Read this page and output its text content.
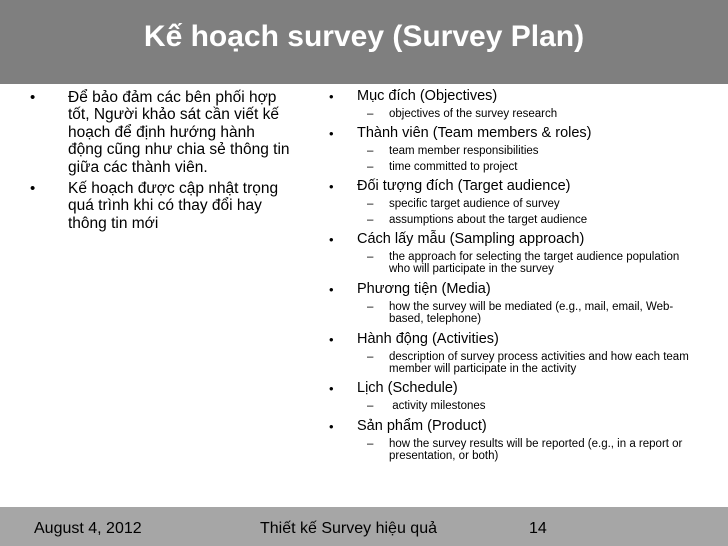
Kế hoạch survey (Survey Plan)
• Để bảo đảm các bên phối hợp tốt, Người khảo sát cần viết kế hoạch để định hướng hành động cũng như chia sẻ thông tin giữa các thành viên.
• Kế hoạch được cập nhật trọng quá trình khi có thay đổi hay thông tin mới
• Mục đích (Objectives)
– objectives of the survey research
• Thành viên (Team members & roles)
– team member responsibilities
– time committed to project
• Đối tượng đích (Target audience)
– specific target audience of survey
– assumptions about the target audience
• Cách lấy mẫu (Sampling approach)
– the approach for selecting the target audience population who will participate in the survey
• Phương tiện (Media)
– how the survey will be mediated (e.g., mail, email, Web-based, telephone)
• Hành động (Activities)
– description of survey process activities and how each team member will participate in the activity
• Lịch (Schedule)
– activity milestones
• Sản phẩm (Product)
– how the survey results will be reported (e.g., in a report or presentation, or both)
August 4, 2012	Thiết kế Survey hiệu quả	14
